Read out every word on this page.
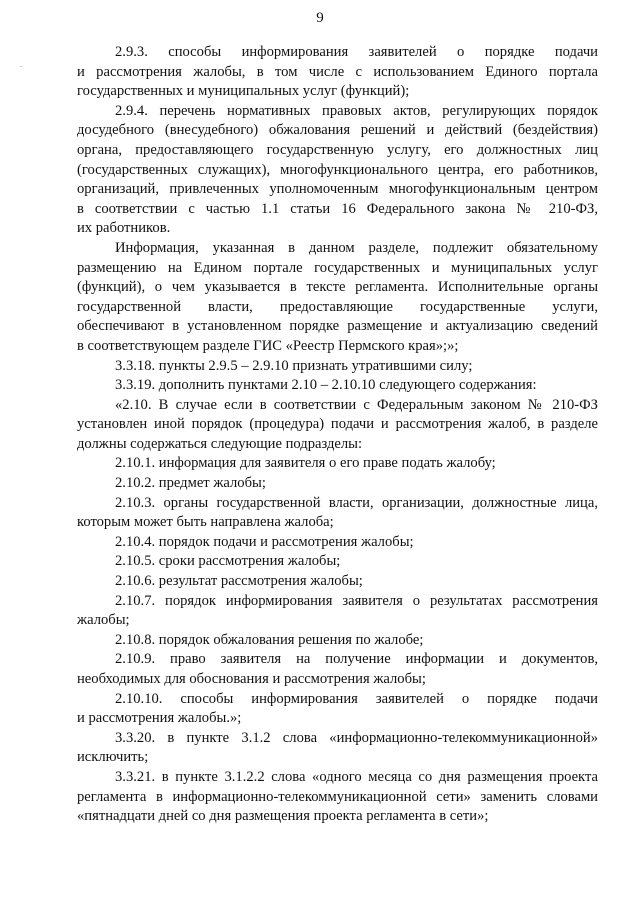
9
2.9.3. способы информирования заявителей о порядке подачи
и рассмотрения жалобы, в том числе с использованием Единого портала
государственных и муниципальных услуг (функций);
2.9.4. перечень нормативных правовых актов, регулирующих порядок
досудебного (внесудебного) обжалования решений и действий (бездействия)
органа, предоставляющего государственную услугу, его должностных лиц
(государственных служащих), многофункционального центра, его работников,
организаций, привлеченных уполномоченным многофункциональным центром
в соответствии с частью 1.1 статьи 16 Федерального закона № 210-ФЗ,
их работников.
Информация, указанная в данном разделе, подлежит обязательному
размещению на Едином портале государственных и муниципальных услуг
(функций), о чем указывается в тексте регламента. Исполнительные органы
государственной власти, предоставляющие государственные услуги,
обеспечивают в установленном порядке размещение и актуализацию сведений
в соответствующем разделе ГИС «Реестр Пермского края»;»;
3.3.18. пункты 2.9.5 – 2.9.10 признать утратившими силу;
3.3.19. дополнить пунктами 2.10 – 2.10.10 следующего содержания:
«2.10. В случае если в соответствии с Федеральным законом № 210-ФЗ
установлен иной порядок (процедура) подачи и рассмотрения жалоб, в разделе
должны содержаться следующие подразделы:
2.10.1. информация для заявителя о его праве подать жалобу;
2.10.2. предмет жалобы;
2.10.3. органы государственной власти, организации, должностные лица,
которым может быть направлена жалоба;
2.10.4. порядок подачи и рассмотрения жалобы;
2.10.5. сроки рассмотрения жалобы;
2.10.6. результат рассмотрения жалобы;
2.10.7. порядок информирования заявителя о результатах рассмотрения
жалобы;
2.10.8. порядок обжалования решения по жалобе;
2.10.9. право заявителя на получение информации и документов,
необходимых для обоснования и рассмотрения жалобы;
2.10.10. способы информирования заявителей о порядке подачи
и рассмотрения жалобы.»;
3.3.20. в пункте 3.1.2 слова «информационно-телекоммуникационной»
исключить;
3.3.21. в пункте 3.1.2.2 слова «одного месяца со дня размещения проекта
регламента в информационно-телекоммуникационной сети» заменить словами
«пятнадцати дней со дня размещения проекта регламента в сети»;
